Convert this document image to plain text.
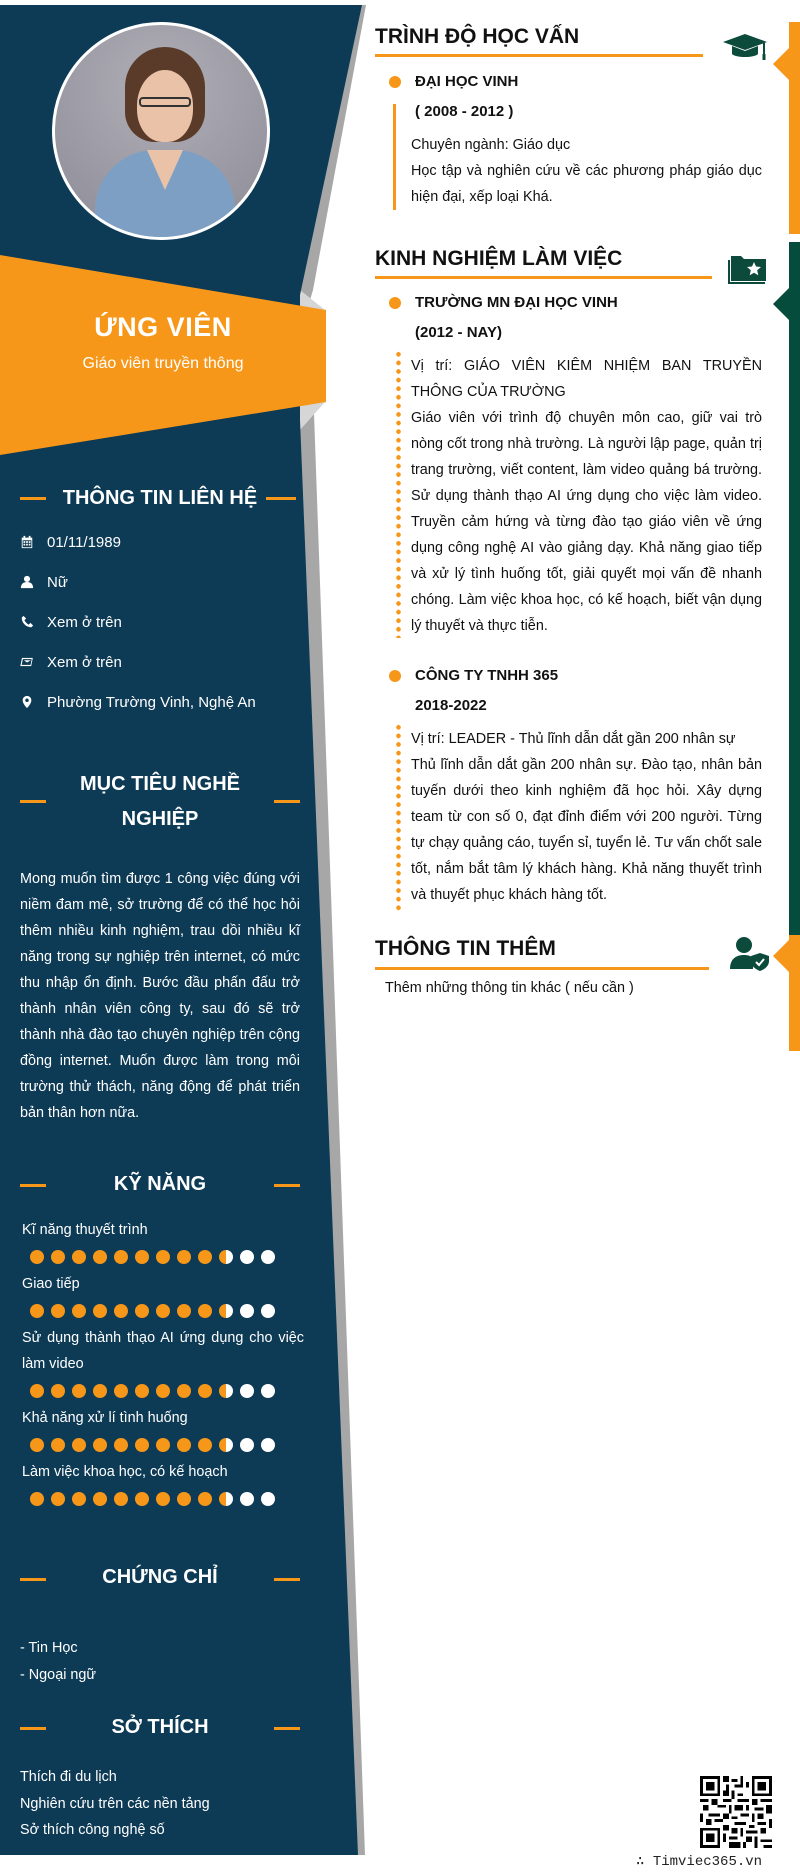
ỨNG VIÊN
Giáo viên truyền thông
THÔNG TIN LIÊN HỆ
01/11/1989
Nữ
Xem ở trên
Xem ở trên
Phường Trường Vinh, Nghệ An
MỤC TIÊU NGHỀ
NGHIỆP
Mong muốn tìm được 1 công việc đúng với niềm đam mê, sở trường để có thể học hỏi thêm nhiều kinh nghiệm, trau dồi nhiều kĩ năng trong sự nghiệp trên internet, có mức thu nhập ổn định. Bước đầu phấn đấu trở thành nhân viên công ty, sau đó sẽ trở thành nhà đào tạo chuyên nghiệp trên cộng đồng internet. Muốn được làm trong môi trường thử thách, năng động để phát triển bản thân hơn nữa.
KỸ NĂNG
Kĩ năng thuyết trình
Giao tiếp
Sử dụng thành thạo AI ứng dụng cho việc làm video
Khả năng xử lí tình huống
Làm việc khoa học, có kế hoạch
CHỨNG CHỈ
- Tin Học
- Ngoại ngữ
SỞ THÍCH
Thích đi du lịch
Nghiên cứu trên các nền tảng
Sở thích công nghệ số
TRÌNH ĐỘ HỌC VẤN
ĐẠI HỌC VINH
( 2008 - 2012 )
Chuyên ngành: Giáo dục
Học tập và nghiên cứu về các phương pháp giáo dục hiện đại, xếp loại Khá.
KINH NGHIỆM LÀM VIỆC
TRƯỜNG MN ĐẠI HỌC VINH
(2012 - NAY)
Vị trí: GIÁO VIÊN KIÊM NHIỆM BAN TRUYỀN THÔNG CỦA TRƯỜNG
Giáo viên với trình độ chuyên môn cao, giữ vai trò nòng cốt trong nhà trường. Là người lập page, quản trị trang trường, viết content, làm video quảng bá trường. Sử dụng thành thạo AI ứng dụng cho việc làm video. Truyền cảm hứng và từng đào tạo giáo viên về ứng dụng công nghệ AI vào giảng dạy. Khả năng giao tiếp và xử lý tình huống tốt, giải quyết mọi vấn đề nhanh chóng. Làm việc khoa học, có kế hoạch, biết vận dụng lý thuyết và thực tiễn.
CÔNG TY TNHH 365
2018-2022
Vị trí: LEADER - Thủ lĩnh dẫn dắt gần 200 nhân sự
Thủ lĩnh dẫn dắt gần 200 nhân sự. Đào tạo, nhân bản tuyến dưới theo kinh nghiệm đã học hỏi. Xây dựng team từ con số 0, đạt đỉnh điểm với 200 người. Từng tự chạy quảng cáo, tuyển sỉ, tuyển lẻ. Tư vấn chốt sale tốt, nắm bắt tâm lý khách hàng. Khả năng thuyết trình và thuyết phục khách hàng tốt.
THÔNG TIN THÊM
Thêm những thông tin khác ( nếu cần )
∴ Timviec365.vn
